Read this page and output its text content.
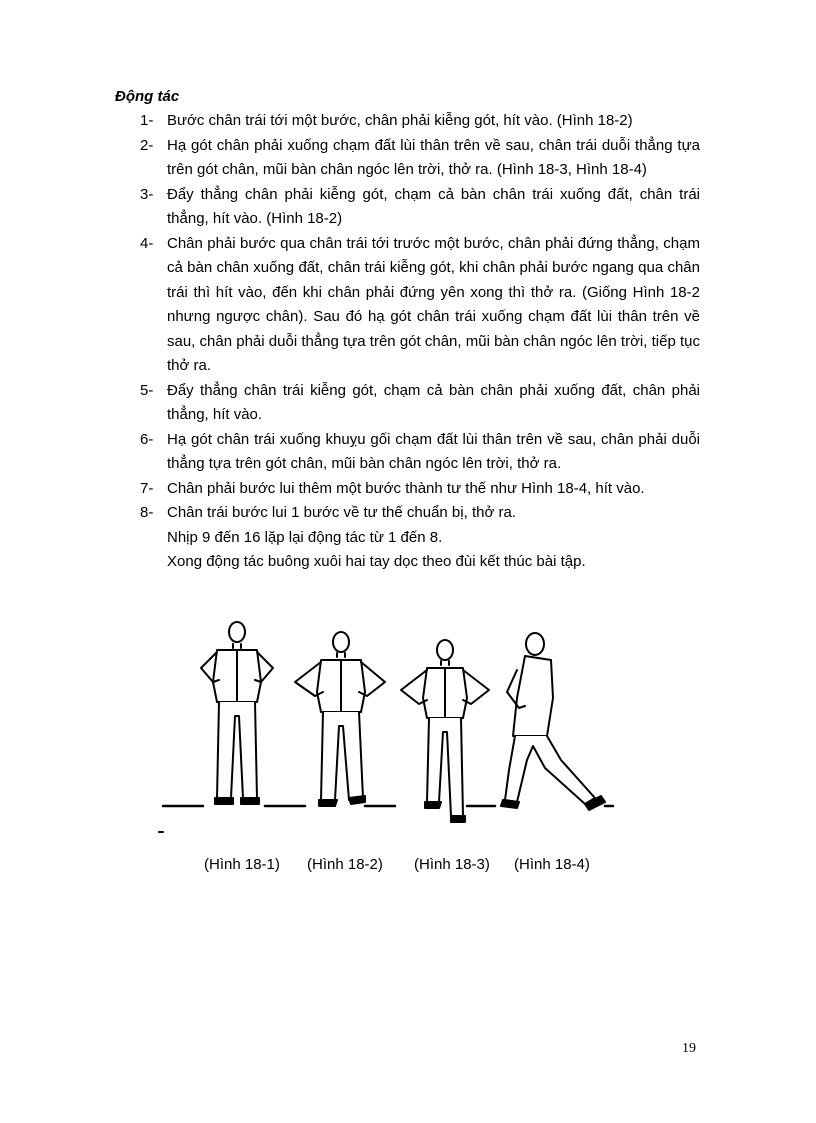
Động tác
1- Bước chân trái tới một bước, chân phải kiễng gót, hít vào. (Hình 18-2)
2- Hạ gót chân phải xuống chạm đất lùi thân trên về sau, chân trái duỗi thẳng tựa trên gót chân, mũi bàn chân ngóc lên trời, thở ra. (Hình 18-3, Hình 18-4)
3- Đẩy thẳng chân phải kiễng gót, chạm cả bàn chân trái xuống đất, chân trái thẳng, hít vào. (Hình 18-2)
4- Chân phải bước qua chân trái tới trước một bước, chân phải đứng thẳng, chạm cả bàn chân xuống đất, chân trái kiễng gót, khi chân phải bước ngang qua chân trái thì hít vào, đến khi chân phải đứng yên xong thì thở ra. (Giống Hình 18-2 nhưng ngược chân). Sau đó hạ gót chân trái xuống chạm đất lùi thân trên về sau, chân phải duỗi thẳng tựa trên gót chân, mũi bàn chân ngóc lên trời, tiếp tục thở ra.
5- Đẩy thẳng chân trái kiễng gót, chạm cả bàn chân phải xuống đất, chân phải thẳng, hít vào.
6- Hạ gót chân trái xuống khuỵu gối chạm đất lùi thân trên về sau, chân phải duỗi thẳng tựa trên gót chân, mũi bàn chân ngóc lên trời, thở ra.
7- Chân phải bước lui thêm một bước thành tư thế như Hình 18-4, hít vào.
8- Chân trái bước lui 1 bước về tư thế chuẩn bị, thở ra.
Nhịp 9 đến 16 lặp lại động tác từ 1 đến 8.
Xong động tác buông xuôi hai tay dọc theo đùi kết thúc bài tập.
(Hình 18-1) (Hình 18-2) (Hình 18-3) (Hình 18-4)
19
